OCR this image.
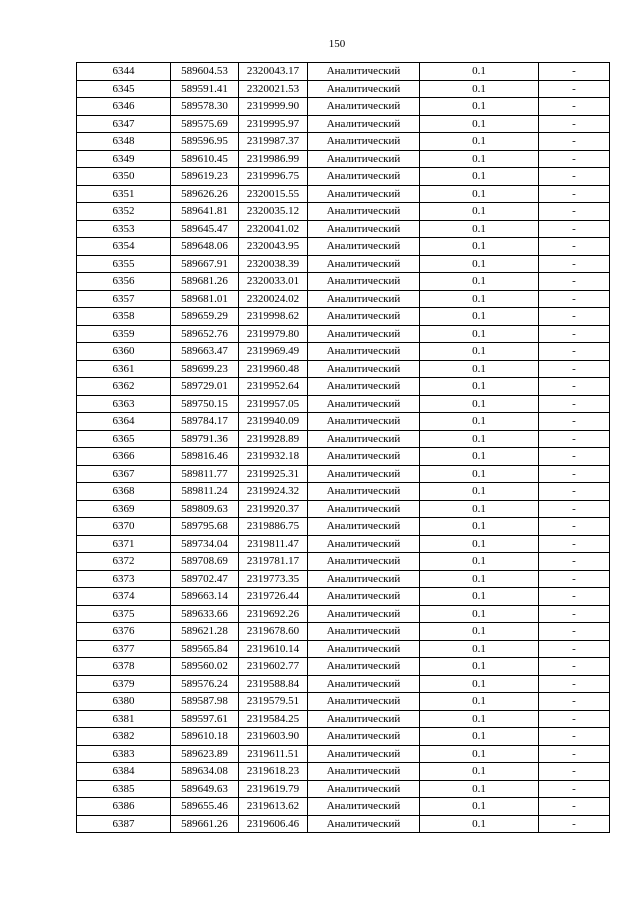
150
6344	589604.53	2320043.17	Аналитический	0.1	-
6345	589591.41	2320021.53	Аналитический	0.1	-
6346	589578.30	2319999.90	Аналитический	0.1	-
6347	589575.69	2319995.97	Аналитический	0.1	-
6348	589596.95	2319987.37	Аналитический	0.1	-
6349	589610.45	2319986.99	Аналитический	0.1	-
6350	589619.23	2319996.75	Аналитический	0.1	-
6351	589626.26	2320015.55	Аналитический	0.1	-
6352	589641.81	2320035.12	Аналитический	0.1	-
6353	589645.47	2320041.02	Аналитический	0.1	-
6354	589648.06	2320043.95	Аналитический	0.1	-
6355	589667.91	2320038.39	Аналитический	0.1	-
6356	589681.26	2320033.01	Аналитический	0.1	-
6357	589681.01	2320024.02	Аналитический	0.1	-
6358	589659.29	2319998.62	Аналитический	0.1	-
6359	589652.76	2319979.80	Аналитический	0.1	-
6360	589663.47	2319969.49	Аналитический	0.1	-
6361	589699.23	2319960.48	Аналитический	0.1	-
6362	589729.01	2319952.64	Аналитический	0.1	-
6363	589750.15	2319957.05	Аналитический	0.1	-
6364	589784.17	2319940.09	Аналитический	0.1	-
6365	589791.36	2319928.89	Аналитический	0.1	-
6366	589816.46	2319932.18	Аналитический	0.1	-
6367	589811.77	2319925.31	Аналитический	0.1	-
6368	589811.24	2319924.32	Аналитический	0.1	-
6369	589809.63	2319920.37	Аналитический	0.1	-
6370	589795.68	2319886.75	Аналитический	0.1	-
6371	589734.04	2319811.47	Аналитический	0.1	-
6372	589708.69	2319781.17	Аналитический	0.1	-
6373	589702.47	2319773.35	Аналитический	0.1	-
6374	589663.14	2319726.44	Аналитический	0.1	-
6375	589633.66	2319692.26	Аналитический	0.1	-
6376	589621.28	2319678.60	Аналитический	0.1	-
6377	589565.84	2319610.14	Аналитический	0.1	-
6378	589560.02	2319602.77	Аналитический	0.1	-
6379	589576.24	2319588.84	Аналитический	0.1	-
6380	589587.98	2319579.51	Аналитический	0.1	-
6381	589597.61	2319584.25	Аналитический	0.1	-
6382	589610.18	2319603.90	Аналитический	0.1	-
6383	589623.89	2319611.51	Аналитический	0.1	-
6384	589634.08	2319618.23	Аналитический	0.1	-
6385	589649.63	2319619.79	Аналитический	0.1	-
6386	589655.46	2319613.62	Аналитический	0.1	-
6387	589661.26	2319606.46	Аналитический	0.1	-
